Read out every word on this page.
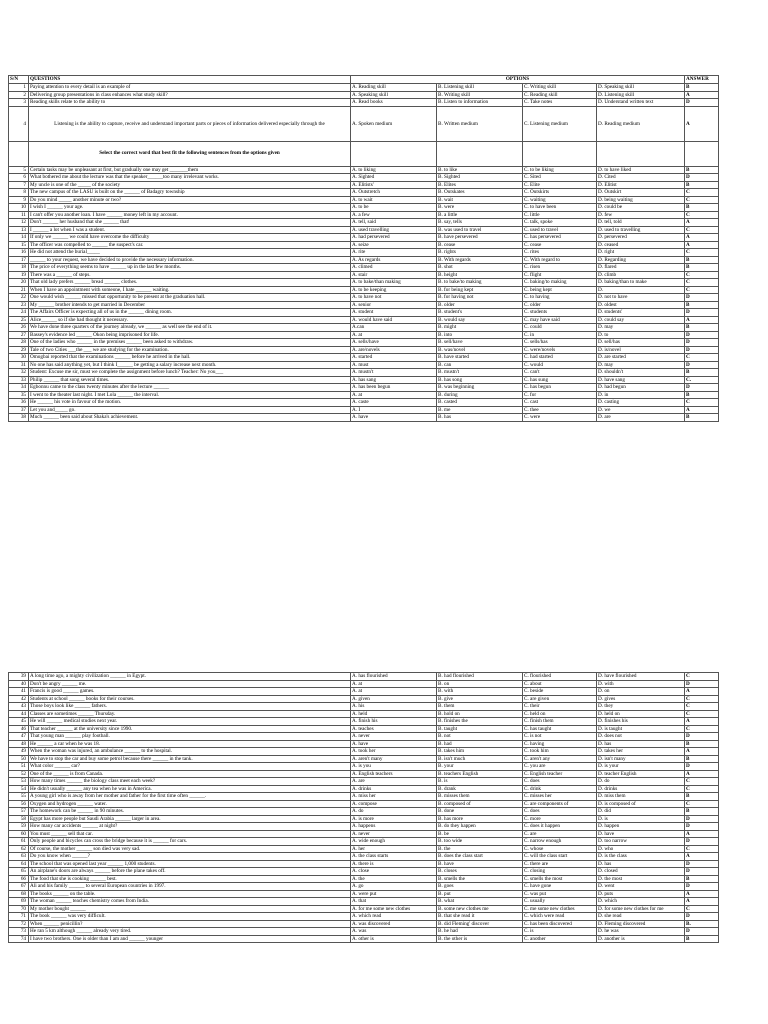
S/N	QUESTIONS	OPTIONS				ANSWER
1	Paying attention to every detail is an example of	A. Reading skill	B. Listening skill	C. Writing skill	D. Speaking skill	B
2	Delivering group presentations in class enhances what study skill?	A. Speaking skill	B. Writing skill	C. Reading skill	D. Listening skill	A
3	Reading skills relate to the ability to	A. Read books	B. Listen to information	C. Take notes	D. Understand written text	D
4	Listening is the ability to capture, receive and understand important parts or pieces of information delivered especially through the	A. Spoken medium	B. Written medium	C. Listening medium	D. Reading medium	A
	Select the correct word that best fit the following sentences from the options given					
5	Certain tasks may be unpleasant at first, but gradually one may get _______them	A. to liking	B. to like	C. to be liking	D. to have liked	B
6	What bothered me about the lecture was that the speaker______too many irrelevant works.	A. Sighted	B. Sighted	C. Sited	D. Cited	D
7	My uncle is one of the _____ of the society	A. Elitists'	B. Elites	C. Elite	D. Elitist	B
8	The new campus of the LASU is built on the ______ of Badagry township	A. Outstretch	B. Outskates	C. Outskirts	D. Outskirt	C
9	Do you mind _____ another minute or two?	A. to wait	B. wait	C. waiting	D. being waiting	C
10	I wish I ______ your age.	A. to be	B. were	C. to have been	D. could be	B
11	I can't offer you another loan. I have ______ money left in my account.	A. a few	B. a little	C. little	D. few	C
12	Don't ______ her husband that she ______ that!	A. tell, said	B. say, tells	C. talk, spoke	D. tell, told	A
13	I ______ a lot when I was a student.	A. used travelling	B. was used to travel	C. used to travel	D. used to travelling	C
14	If only we ______ we could have overcome the difficulty	A. had persevered	B. have persevered	C. has persevered	D. persevered	A
15	The officer was compelled to ______ the suspect's car.	A. seize	B. cease	C. cease	D. ceased	A
16	He did not attend the burial_____	A. rite	B. rights	C. rites	D. right	C
17	______ to your request, we have decided to provide the necessary information.	A. As regards	B. With regards	C. With regard to	D. Regarding	B
18	The price of everything seems to have ______ up in the last few months.	A. climed	B. shot	C. risen	D. flared	B
19	There was a ______ of steps.	A. stair	B. height	C. flight	D. climb	C
20	That old lady prefers ______ bread ______ clothes.	A. to bake/than making	B. to bake/to making	C. baking/to making	D. baking/than to make	C
21	When I have an appointment with someone, I hate ______ waiting.	A. to be keeping	B. for being kept	C. being kept	D.	C
22	One would wish ______ missed that opportunity to be present at the graduation hall.	A. to have not	B. for having not	C. to having	D. not to have	D
23	My ______ brother intends to get married in December	A. senior	B. older	C. older	D. oldest	B
24	The Affairs Officer is expecting all of us in the ______ dining room.	A. student	B. student's	C. students	D. students'	D
25	Alice______ so if she had thought it necessary.	A. would have said	B. would say	C. may have said	D. could say	A
26	We have done three quarters of the journey already, we ______ as well see the end of it.	A.can	B. might	C. could	D. may	B
27	Bassey's evidence led ______ Okon being imprisoned for life.	A. at	B. into	C. in	D. to	D
28	One of the ladies who ______ in the premises ______ been asked to withdraw.	A. sells/have	B. sell/have	C. sells/has	D. sell/has	D
29	Tale of two Cities ___the ___ we are studying for the examination.	A. are/novels	B. was/novel	C. were/novels	D. is/novel	D
30	Omogbai reported that the examinations ______ before he arrived in the hall.	A. started	B. have started	C. had started	D. are started	C
31	No one has said anything yet, but I think I______ be getting a salary increase next month.	A. must	B. can	C. would	D. may	D
32	Student: Excuse me sir, must we complete the assignment before lunch? Teacher: No you___	A. mustn't	B. mustn't	C. can't	D. shouldn't	B
33	Philip ______ that song several times.	A. has sang	B. has song	C. has sung	D. have sang	C.
34	Egbonnu came to the class twenty minutes after the lecture ______	A. has been begun	B. was beginning	C. has begun	D. had begun	D
35	I went to the theater last night. I met Lola ______ the interval.	A. at	B. during	C. for	D. in	B
36	He ______ his vote in favour of the motion.	A. caste	B. casted	C. cast	D. casting	C
37	Let you and_____ go.	A. I	B. me	C. thee	D. we	A
38	Much ______ been said about Shaka's achievement.	A. have	B. has	C. were	D. are	B
39	A long time ago, a mighty civilization ______ in Egypt.	A. has flourished	B. had flourished	C. flourished	D. have flourished	C
40	Don't be angry ______ me.	A. at	B. on	C. about	D. with	D
41	Francis is good ______ games.	A. at	B. with	C. beside	D. on	A
42	Students at school ______ books for their courses.	A. given	B. give	C. are given	D. gives	C
43	Those boys look like ______ fathers.	A. his	B. them	C. their	D. they	C
44	Classes are sometimes ______ Thursday.	A. held	B. hold on	C. held on	D. held on	C
45	He will ______ medical studies next year.	A. finish his	B. finishes the	C. finish them	D. finishes his	A
46	That teacher ______ at the university since 1990.	A. teaches	B. taught	C. has taught	D. is taught	C
47	That young man ______ play football.	A. never	B. not	C. is not	D. does not	D
48	He ______ a car when he was 18.	A. have	B. had	C. having	D. has	B
49	When the woman was injured, an ambulance ______ to the hospital.	A. took her	B. takes him	C. took him	D. takes her	A
50	We have to stop the car and buy some petrol because there ______ in the tank.	A. aren't many	B. isn't much	C. aren't any	D. isn't many	B
51	What color ______ car?	A. is you	B. your	C. you are	D. is your	D
52	One of the ______ is from Canada.	A. English teachers	B. teachers English	C. English teacher	D. teacher English	A
53	How many times ______ the biology class meet each week?	A. are	B. is	C. does	D. do	C
54	He didn't usually ______ any tea when he was in America.	A. drinks	B. drank	C. drink	D. drinks	C
55	A young girl who is away from her mother and father for the first time often ______.	A. miss her	B. misses them	C. misses her	D. miss them	B
56	Oxygen and hydrogen ______ water.	A. compose	B. composed of	C. are components of	D. is composed of	C
57	The homework can be ______ in 90 minutes.	A. do	B. done	C. does	D. did	B
58	Egypt has more people but Saudi Arabia ______ larger in area.	A. is more	B. has more	C. more	D. is	D
59	How many car accidents ______ at night?	A. happens	B. do they happen	C. does it happen	D. happen	D
60	You must ______ sell that car.	A. never	B. be	C. are	D. have	A
61	Only people and bicycles can cross the bridge because it is ______ for cars.	A. wide enough	B. too wide	C. narrow enough	D. too narrow	D
62	Of course, the mother ______ son died was very sad.	A. her	B. the	C. whose	D. who	C
63	Do you know when ______?	A. the class starts	B. does the class start	C. will the class start	D. is the class	A
64	The school that was opened last year ______ 1,000 students.	A. there is	B. have	C. there are	D. has	D
65	An airplane's doors are always ______ before the plane takes off.	A. close	B. closes	C. closing	D. closed	D
66	The food that she is cooking ______ best.	A. the	B. smells the	C. smells the most	D. the most	B
67	Ali and his family ______ to several European countries in 1997.	A. go	B. goes	C. have gone	D. went	D
68	The books ______ on the table.	A. were put	B. put	C. was put	D. puts	A
69	The woman ______ teaches chemistry comes from India.	A. that	B. what	C. usually	D. which	A
70	My mother bought ______	A. for me some new clothes	B. some new clothes me	C. me some new clothes	D. for some new clothes for me	C
71	The book ______ was very difficult.	A. which read	B. that she read it	C. which were read	D. she read	D
72	When ______ penicillin?	A. was discovered	B. did Fleming' discover	C. has been discovered	D. Fleming discovered	B.
73	He ran 5 km although ______ already very tired.	A. was	B. he had	C. is	D. he was	D
74	I have two brothers. One is older than I am and ______ younger	A. other is	B. the other is	C. another	D. another is	B
